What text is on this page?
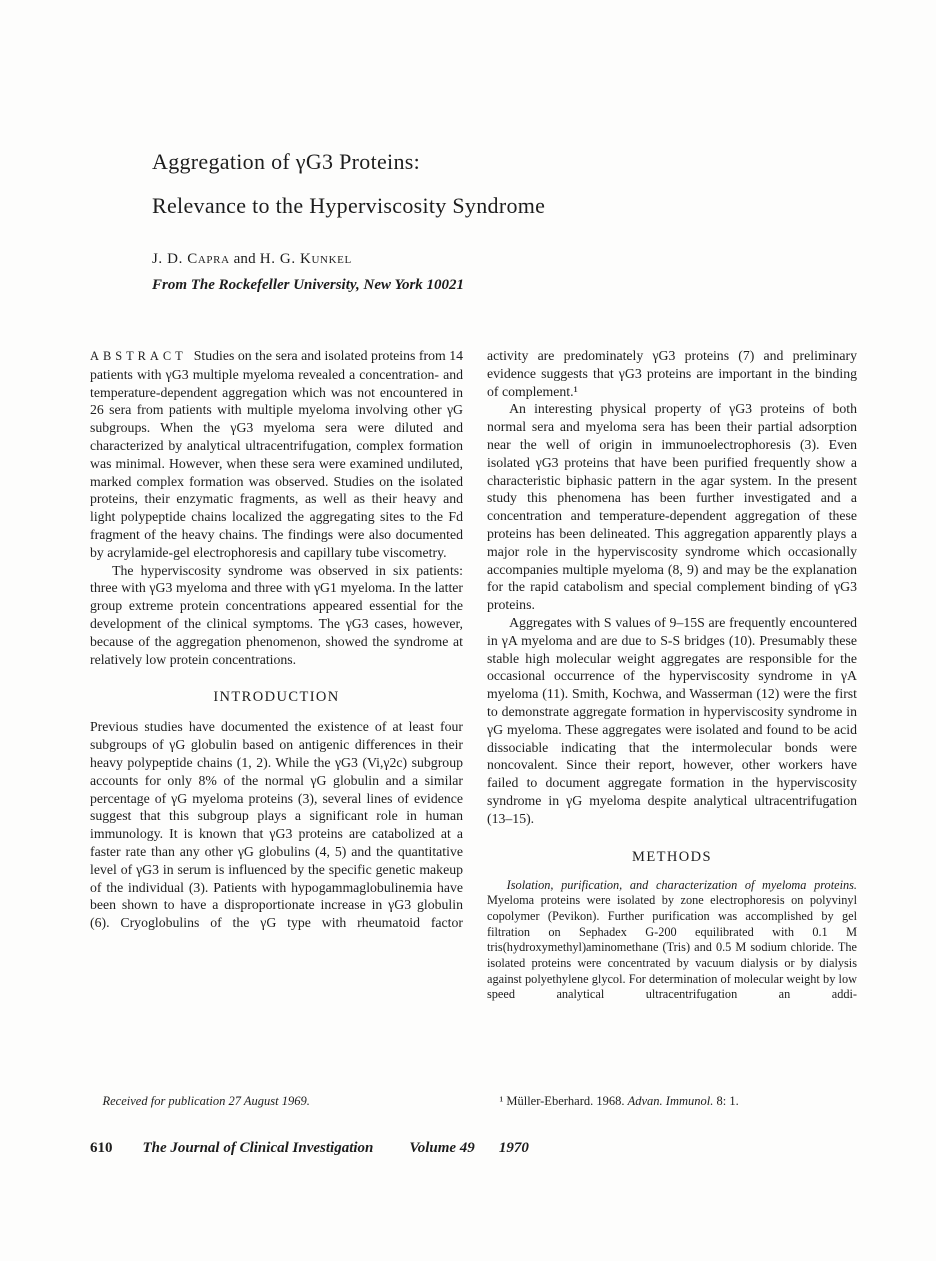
Aggregation of γG3 Proteins:
Relevance to the Hyperviscosity Syndrome

J. D. Capra and H. G. Kunkel

From The Rockefeller University, New York 10021

ABSTRACT Studies on the sera and isolated proteins from 14 patients with γG3 multiple myeloma revealed a concentration- and temperature-dependent aggregation which was not encountered in 26 sera from patients with multiple myeloma involving other γG subgroups. When the γG3 myeloma sera were diluted and characterized by analytical ultracentrifugation, complex formation was minimal. However, when these sera were examined undiluted, marked complex formation was observed. Studies on the isolated proteins, their enzymatic fragments, as well as their heavy and light polypeptide chains localized the aggregating sites to the Fd fragment of the heavy chains. The findings were also documented by acrylamide-gel electrophoresis and capillary tube viscometry.

The hyperviscosity syndrome was observed in six patients: three with γG3 myeloma and three with γG1 myeloma. In the latter group extreme protein concentrations appeared essential for the development of the clinical symptoms. The γG3 cases, however, because of the aggregation phenomenon, showed the syndrome at relatively low protein concentrations.

INTRODUCTION

Previous studies have documented the existence of at least four subgroups of γG globulin based on antigenic differences in their heavy polypeptide chains (1, 2). While the γG3 (Vi,γ2c) subgroup accounts for only 8% of the normal γG globulin and a similar percentage of γG myeloma proteins (3), several lines of evidence suggest that this subgroup plays a significant role in human immunology. It is known that γG3 proteins are catabolized at a faster rate than any other γG globulins (4, 5) and the quantitative level of γG3 in serum is influenced by the specific genetic makeup of the individual (3). Patients with hypogammaglobulinemia have been shown to have a disproportionate increase in γG3 globulin (6). Cryoglobulins of the γG type with rheumatoid factor

Received for publication 27 August 1969.

activity are predominately γG3 proteins (7) and preliminary evidence suggests that γG3 proteins are important in the binding of complement.¹

An interesting physical property of γG3 proteins of both normal sera and myeloma sera has been their partial adsorption near the well of origin in immunoelectrophoresis (3). Even isolated γG3 proteins that have been purified frequently show a characteristic biphasic pattern in the agar system. In the present study this phenomena has been further investigated and a concentration and temperature-dependent aggregation of these proteins has been delineated. This aggregation apparently plays a major role in the hyperviscosity syndrome which occasionally accompanies multiple myeloma (8, 9) and may be the explanation for the rapid catabolism and special complement binding of γG3 proteins.

Aggregates with S values of 9–15S are frequently encountered in γA myeloma and are due to S-S bridges (10). Presumably these stable high molecular weight aggregates are responsible for the occasional occurrence of the hyperviscosity syndrome in γA myeloma (11). Smith, Kochwa, and Wasserman (12) were the first to demonstrate aggregate formation in hyperviscosity syndrome in γG myeloma. These aggregates were isolated and found to be acid dissociable indicating that the intermolecular bonds were noncovalent. Since their report, however, other workers have failed to document aggregate formation in the hyperviscosity syndrome in γG myeloma despite analytical ultracentrifugation (13–15).

METHODS

Isolation, purification, and characterization of myeloma proteins. Myeloma proteins were isolated by zone electrophoresis on polyvinyl copolymer (Pevikon). Further purification was accomplished by gel filtration on Sephadex G-200 equilibrated with 0.1 M tris(hydroxymethyl)aminomethane (Tris) and 0.5 M sodium chloride. The isolated proteins were concentrated by vacuum dialysis or by dialysis against polyethylene glycol. For determination of molecular weight by low speed analytical ultracentrifugation an addi-

¹ Müller-Eberhard. 1968. Advan. Immunol. 8: 1.

610 The Journal of Clinical Investigation Volume 49 1970
